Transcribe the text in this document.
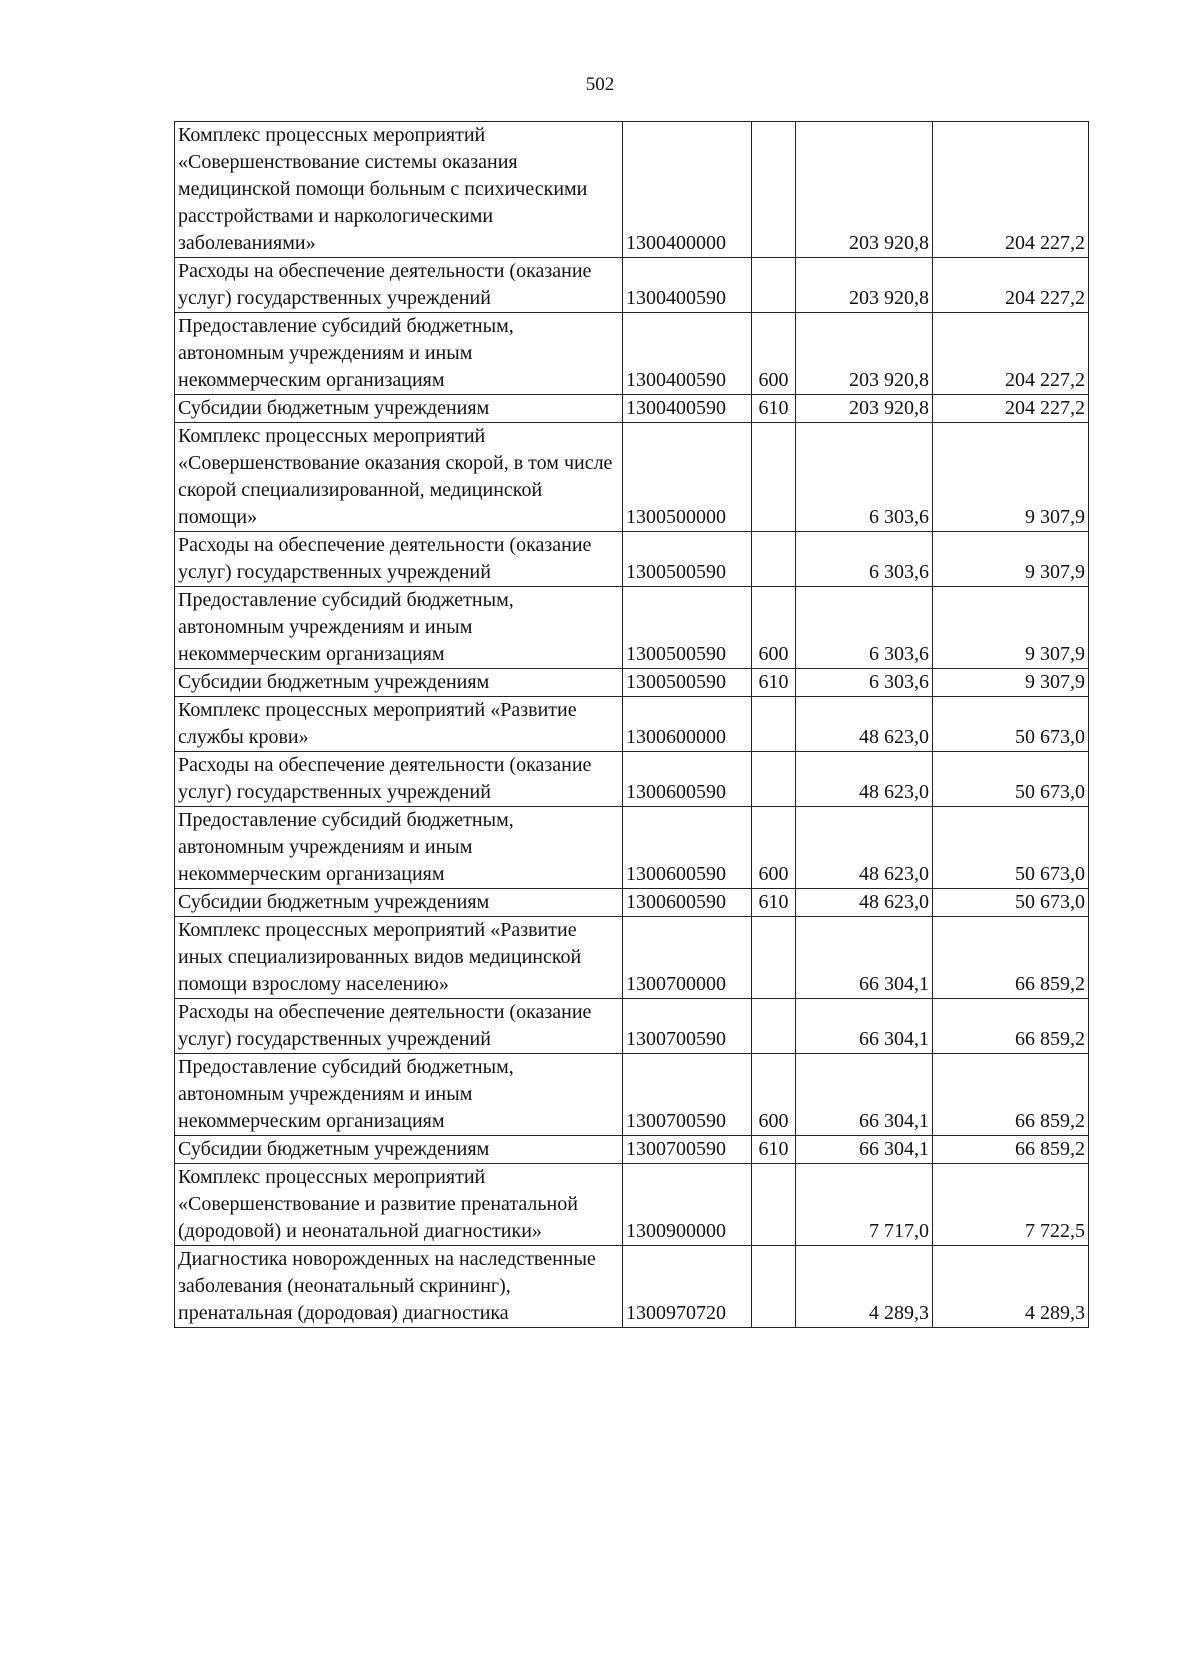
502
Комплекс процессных мероприятий «Совершенствование системы оказания медицинской помощи больным с психическими расстройствами и наркологическими заболеваниями»	1300400000		203 920,8	204 227,2
Расходы на обеспечение деятельности (оказание услуг) государственных учреждений	1300400590		203 920,8	204 227,2
Предоставление субсидий бюджетным, автономным учреждениям и иным некоммерческим организациям	1300400590	600	203 920,8	204 227,2
Субсидии бюджетным учреждениям	1300400590	610	203 920,8	204 227,2
Комплекс процессных мероприятий «Совершенствование оказания скорой, в том числе скорой специализированной, медицинской помощи»	1300500000		6 303,6	9 307,9
Расходы на обеспечение деятельности (оказание услуг) государственных учреждений	1300500590		6 303,6	9 307,9
Предоставление субсидий бюджетным, автономным учреждениям и иным некоммерческим организациям	1300500590	600	6 303,6	9 307,9
Субсидии бюджетным учреждениям	1300500590	610	6 303,6	9 307,9
Комплекс процессных мероприятий «Развитие службы крови»	1300600000		48 623,0	50 673,0
Расходы на обеспечение деятельности (оказание услуг) государственных учреждений	1300600590		48 623,0	50 673,0
Предоставление субсидий бюджетным, автономным учреждениям и иным некоммерческим организациям	1300600590	600	48 623,0	50 673,0
Субсидии бюджетным учреждениям	1300600590	610	48 623,0	50 673,0
Комплекс процессных мероприятий «Развитие иных специализированных видов медицинской помощи взрослому населению»	1300700000		66 304,1	66 859,2
Расходы на обеспечение деятельности (оказание услуг) государственных учреждений	1300700590		66 304,1	66 859,2
Предоставление субсидий бюджетным, автономным учреждениям и иным некоммерческим организациям	1300700590	600	66 304,1	66 859,2
Субсидии бюджетным учреждениям	1300700590	610	66 304,1	66 859,2
Комплекс процессных мероприятий «Совершенствование и развитие пренатальной (дородовой) и неонатальной диагностики»	1300900000		7 717,0	7 722,5
Диагностика новорожденных на наследственные заболевания (неонатальный скрининг), пренатальная (дородовая) диагностика	1300970720		4 289,3	4 289,3
